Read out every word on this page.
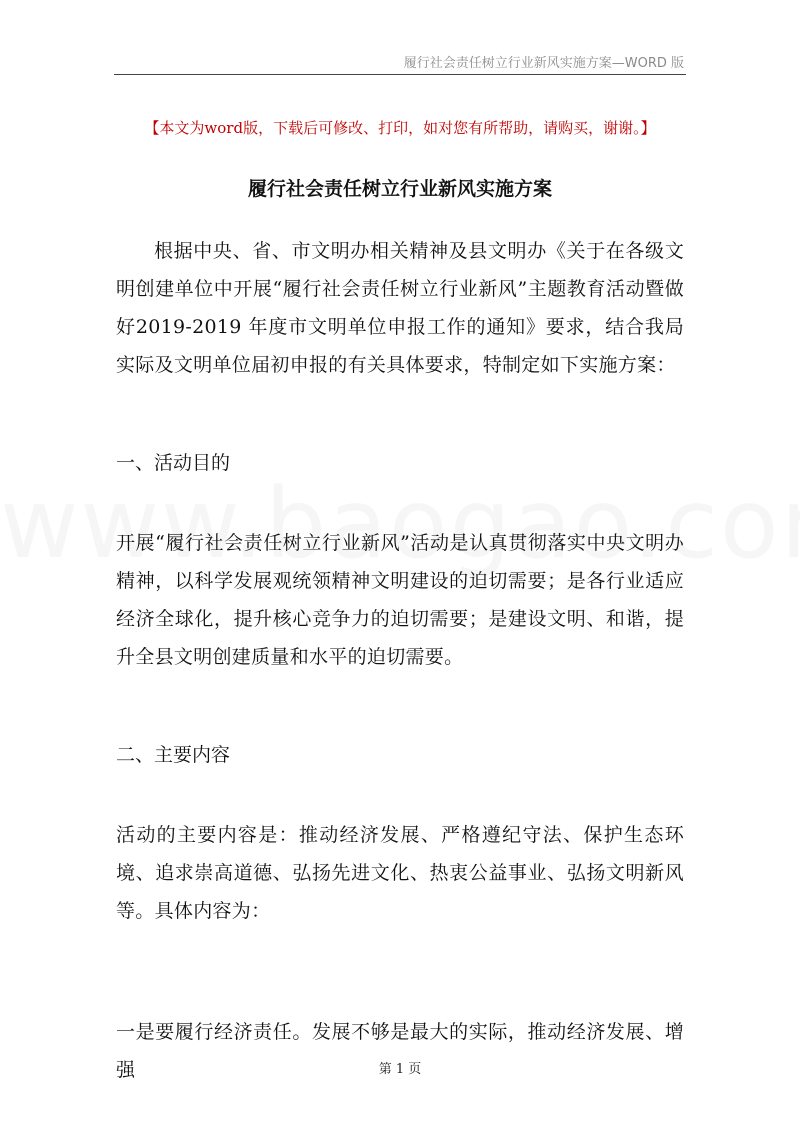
履行社会责任树立行业新风实施方案—WORD 版
【本文为word版，下载后可修改、打印，如对您有所帮助，请购买，谢谢。】
履行社会责任树立行业新风实施方案
根据中央、省、市文明办相关精神及县文明办《关于在各级文明创建单位中开展“履行社会责任树立行业新风”主题教育活动暨做好2019-2019 年度市文明单位申报工作的通知》要求，结合我局实际及文明单位届初申报的有关具体要求，特制定如下实施方案：
一、活动目的
开展“履行社会责任树立行业新风”活动是认真贯彻落实中央文明办精神，以科学发展观统领精神文明建设的迫切需要；是各行业适应经济全球化，提升核心竞争力的迫切需要；是建设文明、和谐，提升全县文明创建质量和水平的迫切需要。
二、主要内容
活动的主要内容是：推动经济发展、严格遵纪守法、保护生态环境、追求崇高道德、弘扬先进文化、热衷公益事业、弘扬文明新风等。具体内容为：
一是要履行经济责任。发展不够是最大的实际，推动经济发展、增强	第 1 页
